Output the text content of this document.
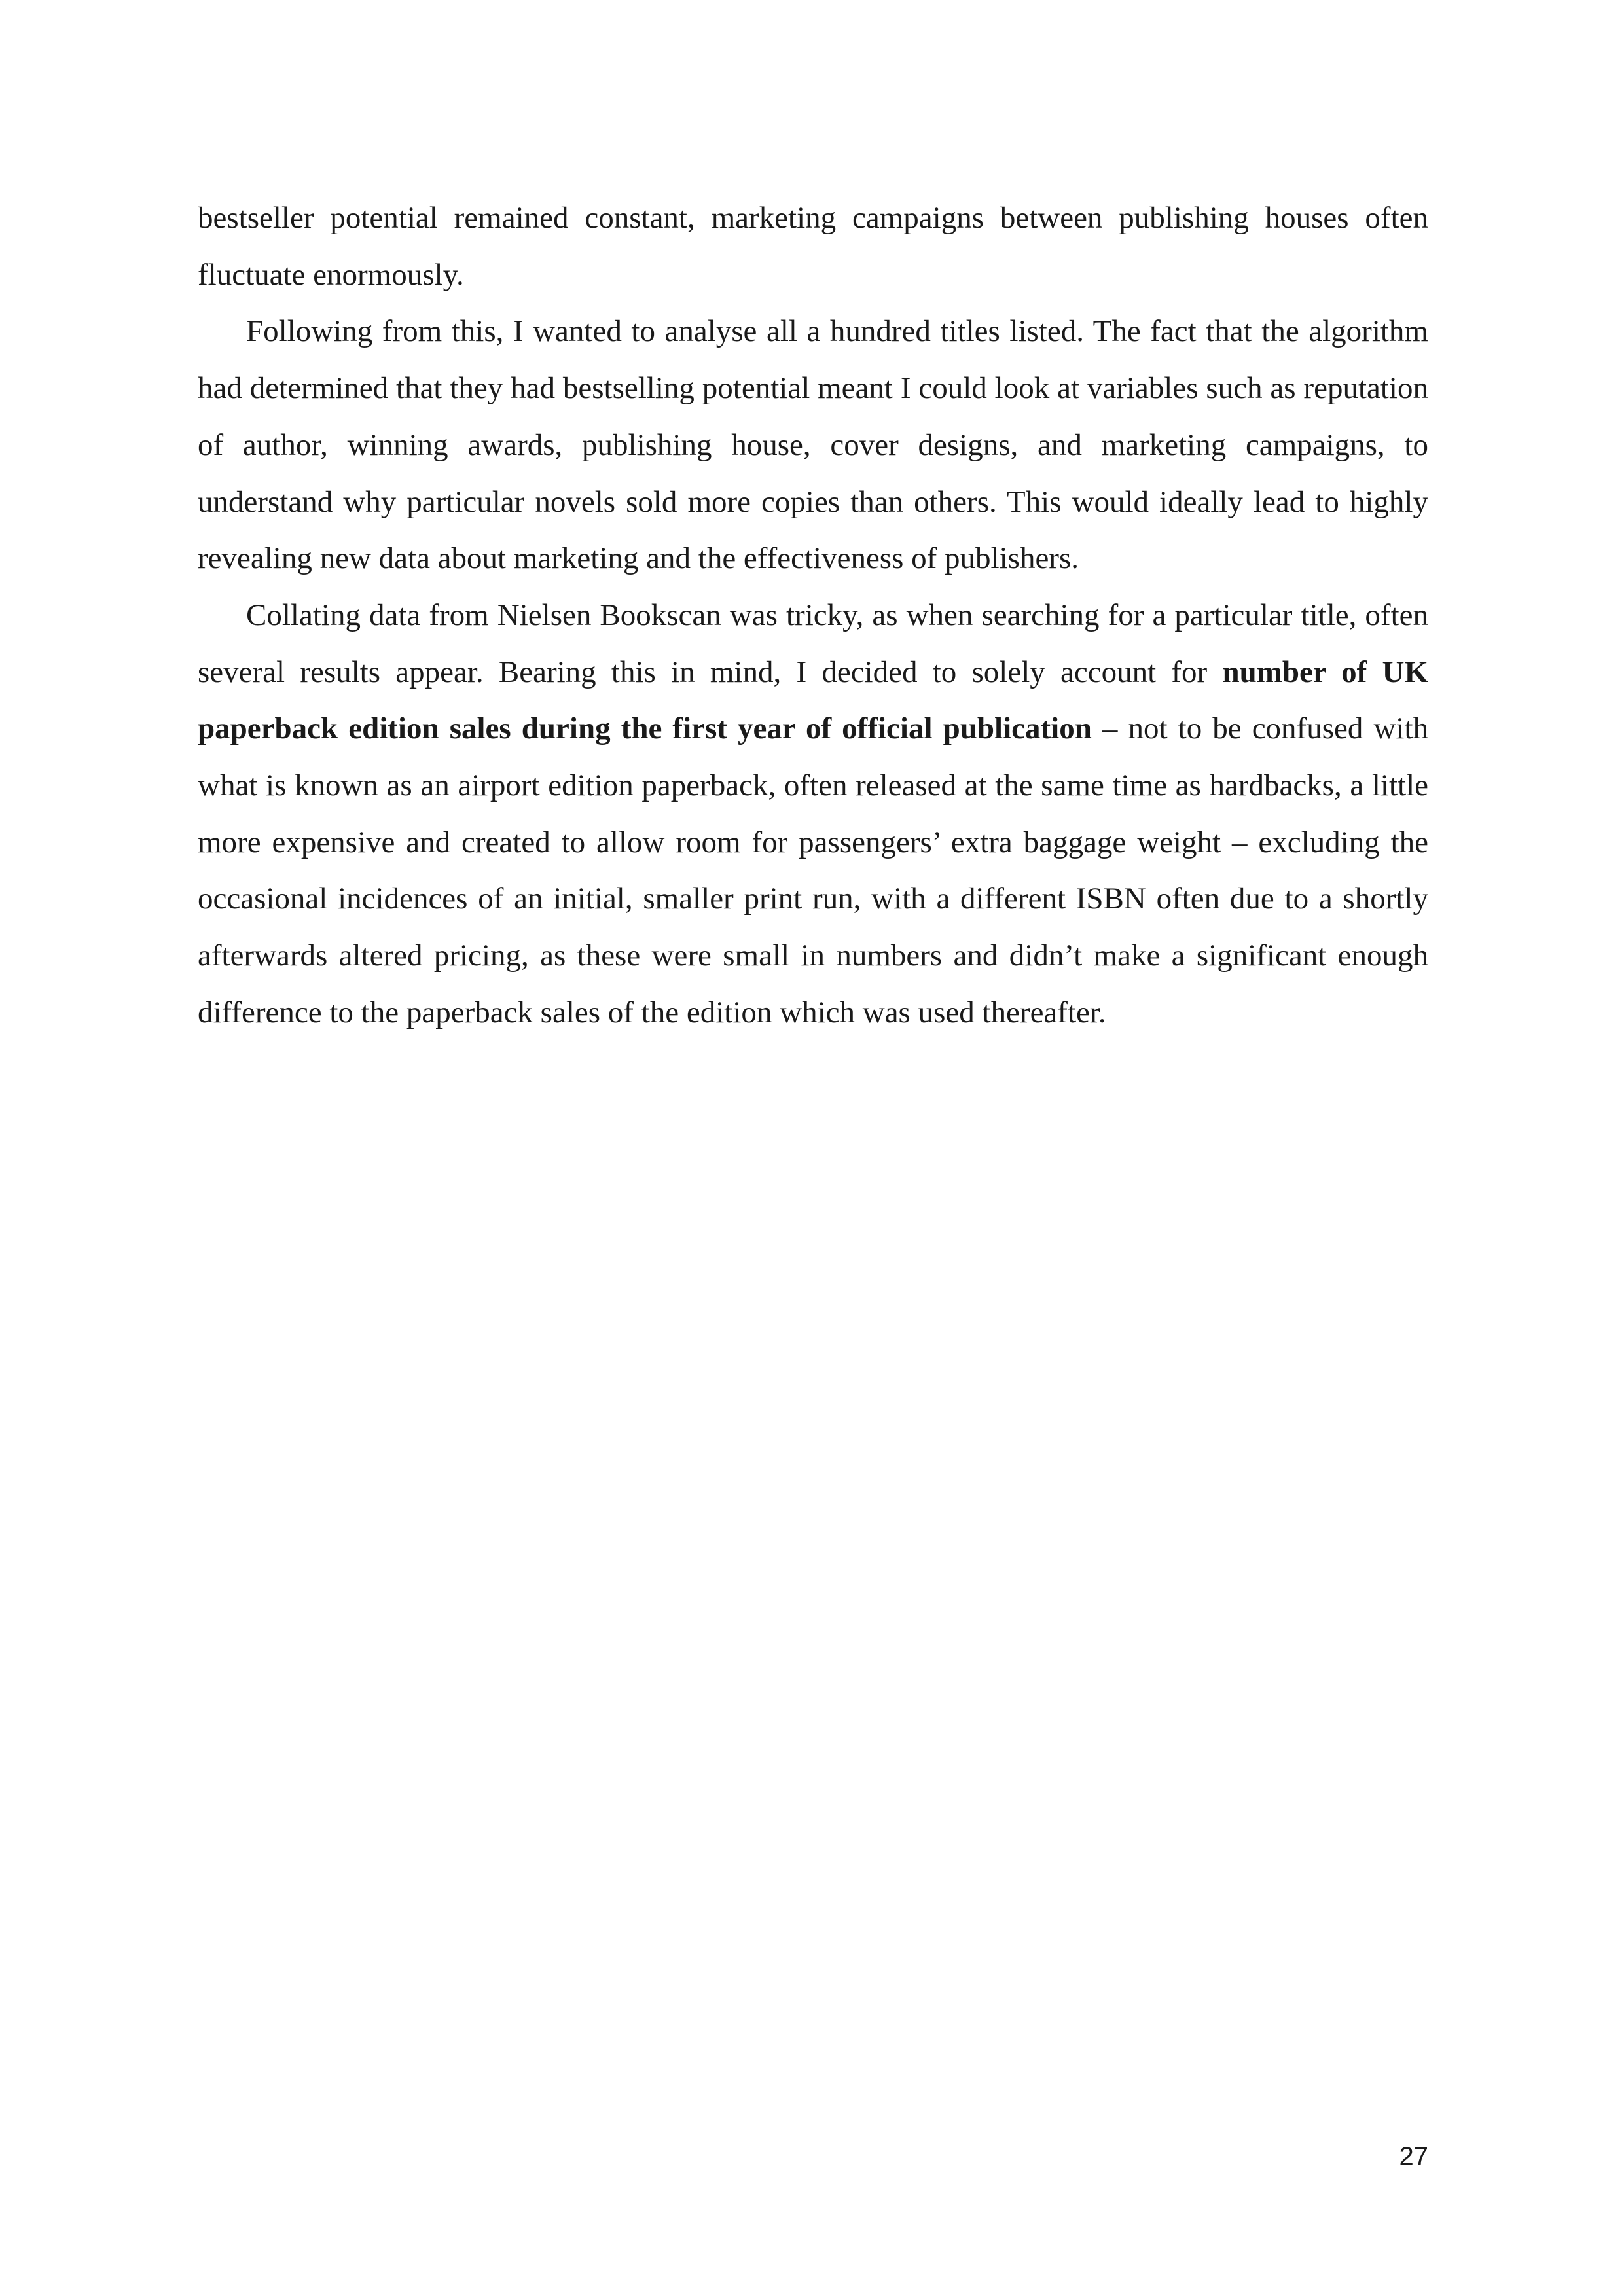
bestseller potential remained constant, marketing campaigns between publishing houses often fluctuate enormously.

Following from this, I wanted to analyse all a hundred titles listed. The fact that the algorithm had determined that they had bestselling potential meant I could look at variables such as reputation of author, winning awards, publishing house, cover designs, and marketing campaigns, to understand why particular novels sold more copies than others. This would ideally lead to highly revealing new data about marketing and the effectiveness of publishers.

Collating data from Nielsen Bookscan was tricky, as when searching for a particular title, often several results appear. Bearing this in mind, I decided to solely account for number of UK paperback edition sales during the first year of official publication – not to be confused with what is known as an airport edition paperback, often released at the same time as hardbacks, a little more expensive and created to allow room for passengers’ extra baggage weight – excluding the occasional incidences of an initial, smaller print run, with a different ISBN often due to a shortly afterwards altered pricing, as these were small in numbers and didn’t make a significant enough difference to the paperback sales of the edition which was used thereafter.

27
